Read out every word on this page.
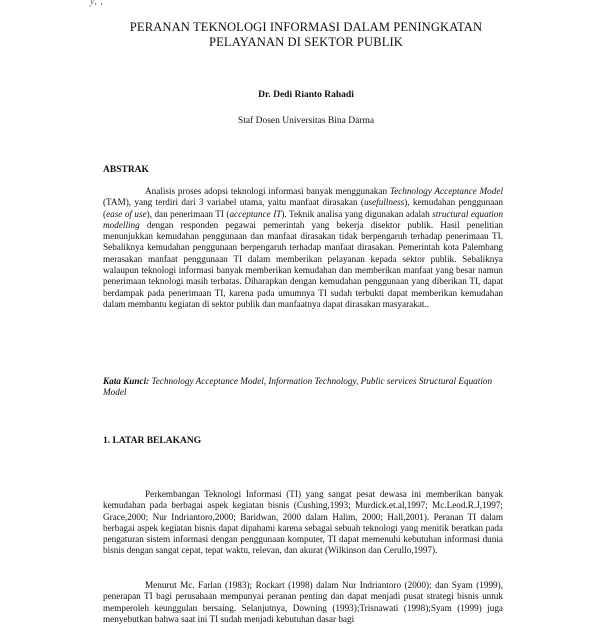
y, ,
PERANAN TEKNOLOGI INFORMASI DALAM PENINGKATAN
PELAYANAN DI SEKTOR PUBLIK
Dr. Dedi Rianto Rahadi
Staf Dosen Universitas Bina Darma
ABSTRAK

Analisis proses adopsi teknologi informasi banyak menggunakan Technology Acceptance Model (TAM), yang terdiri dari 3 variabel utama, yaitu manfaat dirasakan (usefullness), kemudahan penggunaan (ease of use), dan penerimaan TI (acceptance IT). Teknik analisa yang digunakan adalah structural equation modelling dengan responden pegawai pemerintah yang bekerja disektor publik. Hasil penelitian menunjukkan kemudahan penggunaan dan manfaat dirasakan tidak berpengaruh terhadap penerimaan TI. Sebaliknya kemudahan penggunaan berpengaruh terhadap manfaat dirasakan. Pemerintah kota Palembang merasakan manfaat penggunaan TI dalam memberikan pelayanan kepada sektor publik. Sebaliknya walaupun teknologi informasi banyak memberikan kemudahan dan memberikan manfaat yang besar namun penerimaan teknologi masih terbatas. Diharapkan dengan kemudahan penggunaan yang diberikan TI, dapat berdampak pada penerimaan TI, karena pada umumnya TI sudah terbukti dapat memberikan kemudahan dalam membantu kegiatan di sektor publik dan manfaatnya dapat dirasakan masyarakat..

Kata Kunci: Technology Acceptance Model, Information Technology, Public services Structural Equation Model
1. LATAR BELAKANG

Perkembangan Teknologi Informasi (TI) yang sangat pesat dewasa ini memberikan banyak kemudahan pada berbagai aspek kegiatan bisnis (Cushing,1993; Murdick.et.al,1997; Mc.Leod.R.J,1997; Grace,2000; Nur Indriantoro,2000; Baridwan, 2000 dalam Halim, 2000; Hall,2001). Peranan TI dalam berbagai aspek kegiatan bisnis dapat dipahami karena sebagai sebuah teknologi yang menitik beratkan pada pengaturan sistem informasi dengan penggunaan komputer, TI dapat memenuhi kebutuhan informasi dunia bisnis dengan sangat cepat, tepat waktu, relevan, dan akurat (Wilkinson dan Cerullo,1997).

Menurut Mc. Farlan (1983); Rockart (1998) dalam Nur Indriantoro (2000); dan Syam (1999), penerapan TI bagi perusahaan mempunyai peranan penting dan dapat menjadi pusat strategi bisnis untuk memperoleh keunggulan bersaing. Selanjutnya, Downing (1993);Trisnawati (1998);Syam (1999) juga menyebutkan bahwa saat ini TI sudah menjadi kebutuhan dasar bagi
